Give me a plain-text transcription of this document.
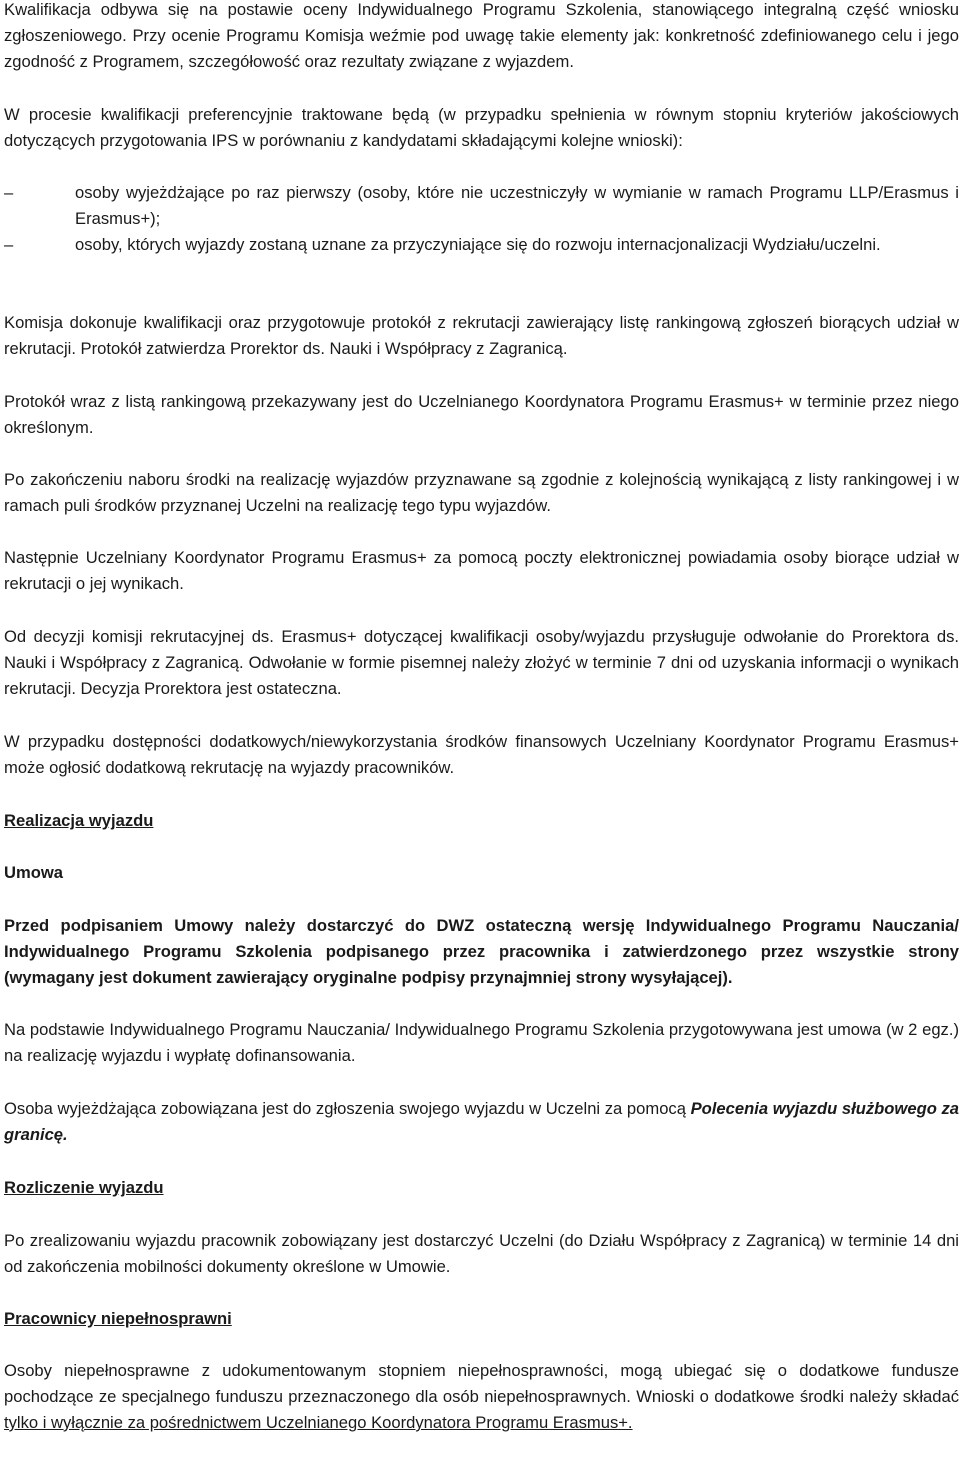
Kwalifikacja odbywa się na postawie oceny Indywidualnego Programu Szkolenia, stanowiącego integralną część wniosku zgłoszeniowego. Przy ocenie Programu Komisja weźmie pod uwagę takie elementy jak: konkretność zdefiniowanego celu i jego zgodność z Programem, szczegółowość oraz rezultaty związane z wyjazdem.

W procesie kwalifikacji preferencyjnie traktowane będą (w przypadku spełnienia w równym stopniu kryteriów jakościowych dotyczących przygotowania IPS w porównaniu z kandydatami składającymi kolejne wnioski):

–	osoby wyjeżdżające po raz pierwszy (osoby, które nie uczestniczyły w wymianie w ramach Programu LLP/Erasmus i Erasmus+);
–	osoby, których wyjazdy zostaną uznane za przyczyniające się do rozwoju internacjonalizacji Wydziału/uczelni.

Komisja dokonuje kwalifikacji oraz przygotowuje protokół z rekrutacji zawierający listę rankingową zgłoszeń biorących udział w rekrutacji. Protokół zatwierdza Prorektor ds. Nauki i Współpracy z Zagranicą.

Protokół wraz z listą rankingową przekazywany jest do Uczelnianego Koordynatora Programu Erasmus+ w terminie przez niego określonym.

Po zakończeniu naboru środki na realizację wyjazdów przyznawane są zgodnie z kolejnością wynikającą z listy rankingowej i w ramach puli środków przyznanej Uczelni na realizację tego typu wyjazdów.

Następnie Uczelniany Koordynator Programu Erasmus+ za pomocą poczty elektronicznej powiadamia osoby biorące udział w rekrutacji o jej wynikach.

Od decyzji komisji rekrutacyjnej ds. Erasmus+ dotyczącej kwalifikacji osoby/wyjazdu przysługuje odwołanie do Prorektora ds. Nauki i Współpracy z Zagranicą. Odwołanie w formie pisemnej należy złożyć w terminie 7 dni od uzyskania informacji o wynikach rekrutacji. Decyzja Prorektora jest ostateczna.

W przypadku dostępności dodatkowych/niewykorzystania środków finansowych Uczelniany Koordynator Programu Erasmus+ może ogłosić dodatkową rekrutację na wyjazdy pracowników.

Realizacja wyjazdu

Umowa

Przed podpisaniem Umowy należy dostarczyć do DWZ ostateczną wersję Indywidualnego Programu Nauczania/ Indywidualnego Programu Szkolenia podpisanego przez pracownika i zatwierdzonego przez wszystkie strony (wymagany jest dokument zawierający oryginalne podpisy przynajmniej strony wysyłającej).

Na podstawie Indywidualnego Programu Nauczania/ Indywidualnego Programu Szkolenia przygotowywana jest umowa (w 2 egz.) na realizację wyjazdu i wypłatę dofinansowania.

Osoba wyjeżdżająca zobowiązana jest do zgłoszenia swojego wyjazdu w Uczelni za pomocą Polecenia wyjazdu służbowego za granicę.

Rozliczenie wyjazdu

Po zrealizowaniu wyjazdu pracownik zobowiązany jest dostarczyć Uczelni (do Działu Współpracy z Zagranicą) w terminie 14 dni od zakończenia mobilności dokumenty określone w Umowie.

Pracownicy niepełnosprawni

Osoby niepełnosprawne z udokumentowanym stopniem niepełnosprawności, mogą ubiegać się o dodatkowe fundusze pochodzące ze specjalnego funduszu przeznaczonego dla osób niepełnosprawnych. Wnioski o dodatkowe środki należy składać tylko i wyłącznie za pośrednictwem Uczelnianego Koordynatora Programu Erasmus+.
